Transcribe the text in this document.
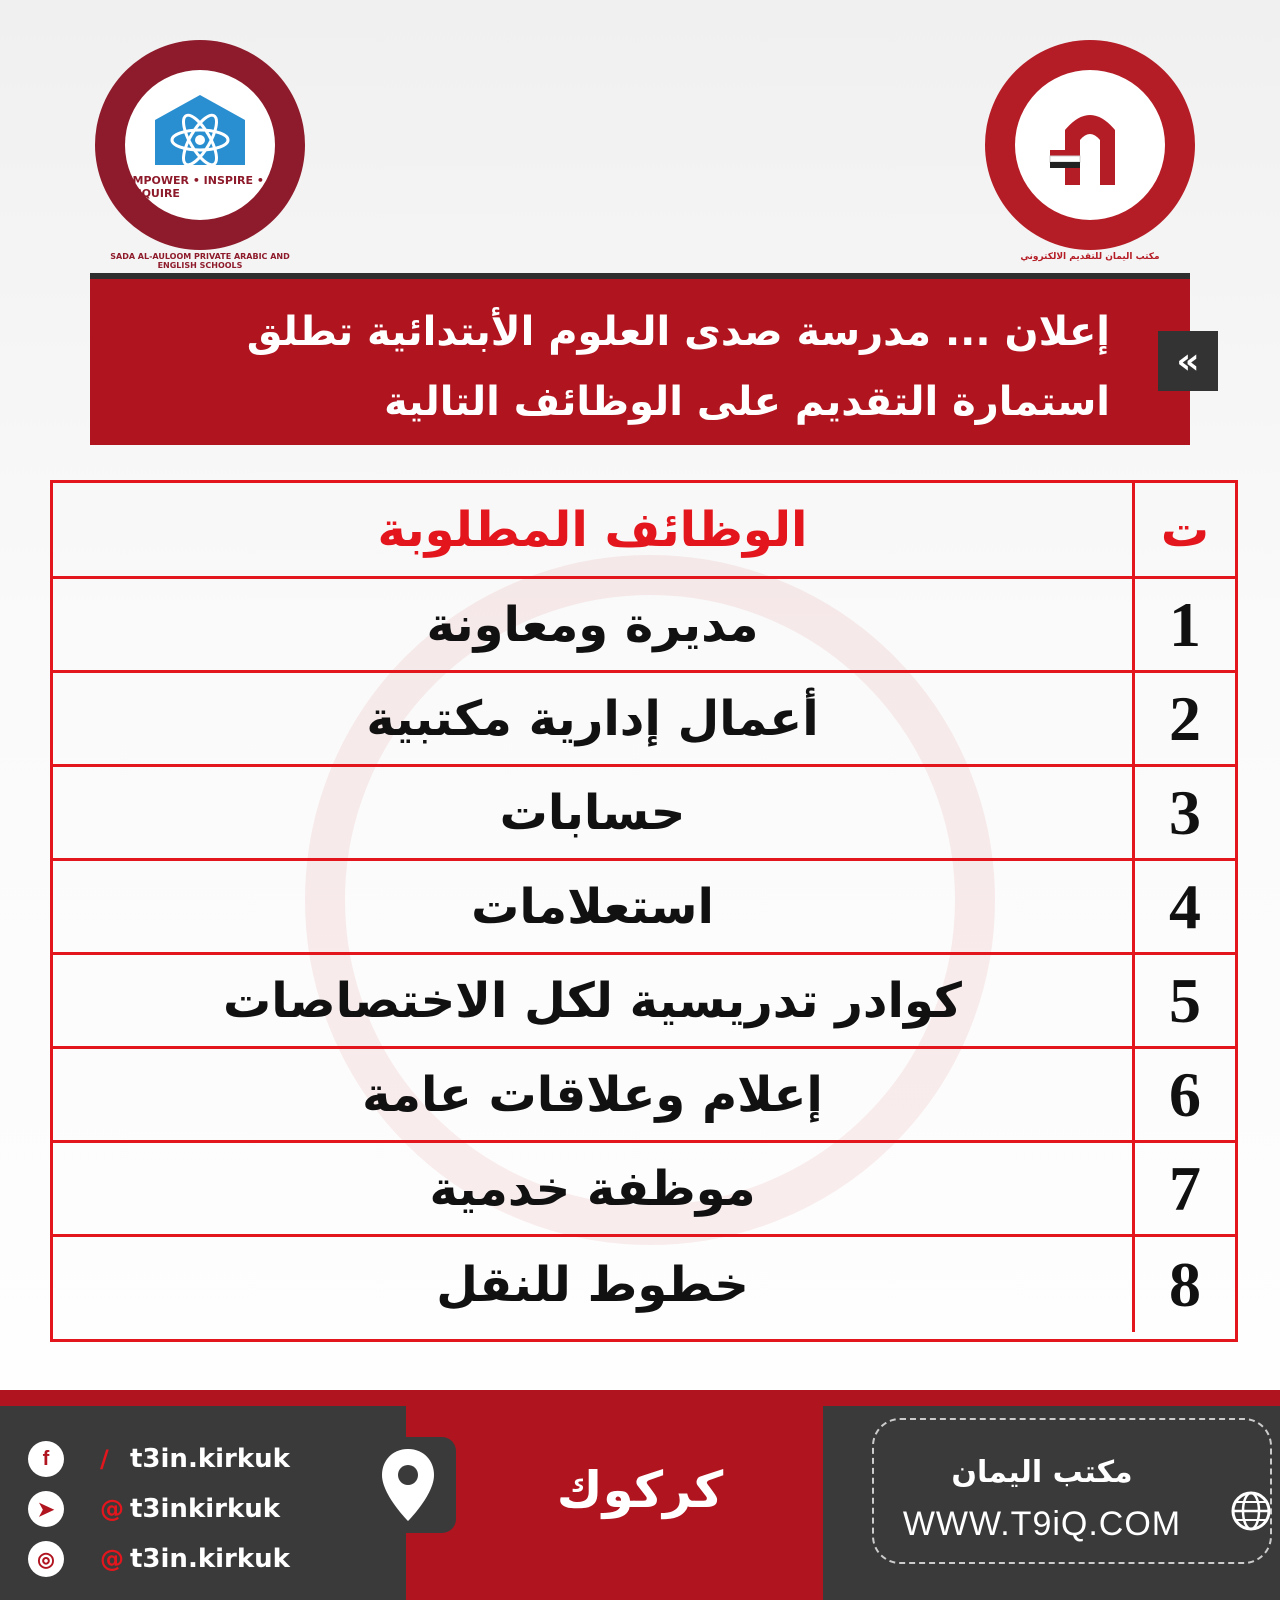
EMPOWER • INSPIRE • ACQUIRE
SADA AL-AULOOM PRIVATE ARABIC AND ENGLISH SCHOOLS
مكتب اليمان للتقديم الالكتروني
إعلان ... مدرسة صدى العلوم الأبتدائية تطلق
استمارة التقديم على الوظائف التالية
«
الوظائف المطلوبة	ت
مديرة ومعاونة	1
أعمال إدارية مكتبية	2
حسابات	3
استعلامات	4
كوادر تدريسية لكل الاختصاصات	5
إعلام وعلاقات عامة	6
موظفة خدمية	7
خطوط للنقل	8
f	/ t3in.kirkuk
➤	@ t3inkirkuk
◎	@ t3in.kirkuk
كركوك	مكتب اليمان
WWW.T9iQ.COM
